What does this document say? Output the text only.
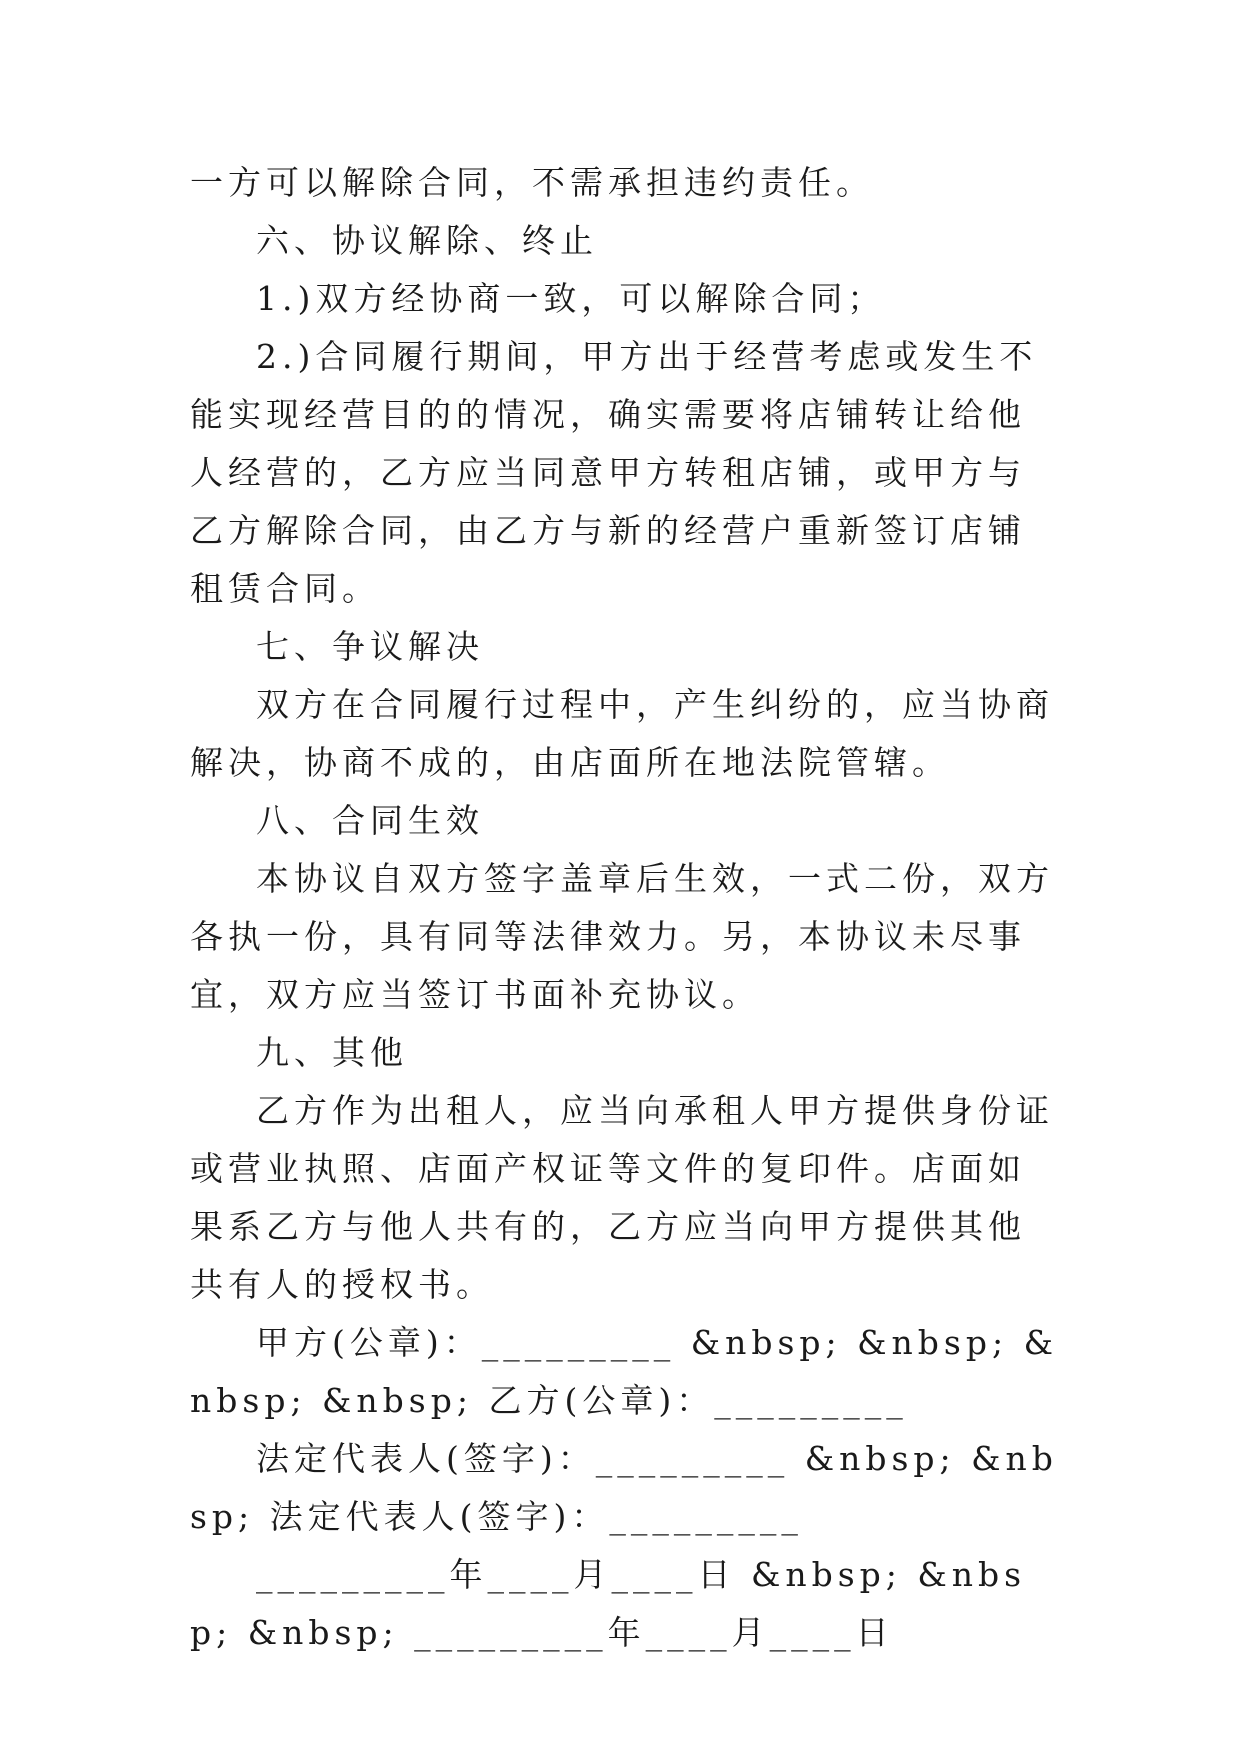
一方可以解除合同，不需承担违约责任。

六、协议解除、终止

1.)双方经协商一致，可以解除合同；

2.)合同履行期间，甲方出于经营考虑或发生不能实现经营目的的情况，确实需要将店铺转让给他人经营的，乙方应当同意甲方转租店铺，或甲方与乙方解除合同，由乙方与新的经营户重新签订店铺租赁合同。

七、争议解决

双方在合同履行过程中，产生纠纷的，应当协商解决，协商不成的，由店面所在地法院管辖。

八、合同生效

本协议自双方签字盖章后生效，一式二份，双方各执一份，具有同等法律效力。另，本协议未尽事宜，双方应当签订书面补充协议。

九、其他

乙方作为出租人，应当向承租人甲方提供身份证或营业执照、店面产权证等文件的复印件。店面如果系乙方与他人共有的，乙方应当向甲方提供其他共有人的授权书。

甲方(公章)：_________ &nbsp; &nbsp; &nbsp; &nbsp; 乙方(公章)：_________

法定代表人(签字)：_________ &nbsp; &nbsp; 法定代表人(签字)：_________

_________年____月____日 &nbsp; &nbsp; &nbsp; _________年____月____日
